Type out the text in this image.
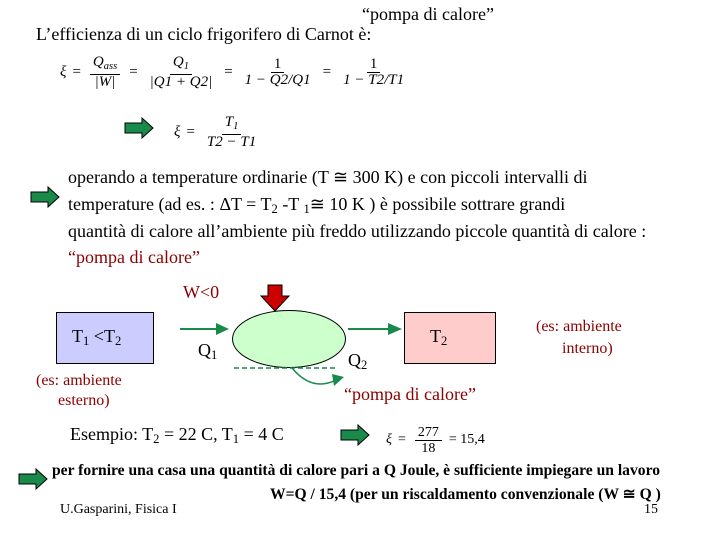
“pompa di calore”
L’efficienza di un ciclo frigorifero di Carnot è:
$\xi = \frac{Q_{ass}}{|W|} = \frac{Q_1}{|Q1 + Q2|} = \frac{1}{1 - Q2/Q1} = \frac{1}{1 - T2/T1}$
$\xi = \frac{T_1}{T2 - T1}$
operando a temperature ordinarie (T ≅ 300 K) e con piccoli intervalli di
temperature (ad es. : $\Delta T = T_2$ -T $_1$≅ 10 K ) è possibile sottrare grandi
quantità di calore all’ambiente più freddo utilizzando piccole quantità di calore :
“pompa di calore”
W<0
$T_1 <T_2$
(es: ambiente
esterno)
$Q_1$	$Q_2$
$T_2$
(es: ambiente
interno)
“pompa di calore”
Esempio: $T_2 = 22$ C, $T_1 = 4$ C	$\xi = \frac{277}{18} = 15,4$
per fornire una casa una quantità di calore pari a Q Joule, è sufficiente impiegare un lavoro
W=Q / 15,4 (per un riscaldamento convenzionale (W ≅ Q )
U.Gasparini, Fisica I	15
